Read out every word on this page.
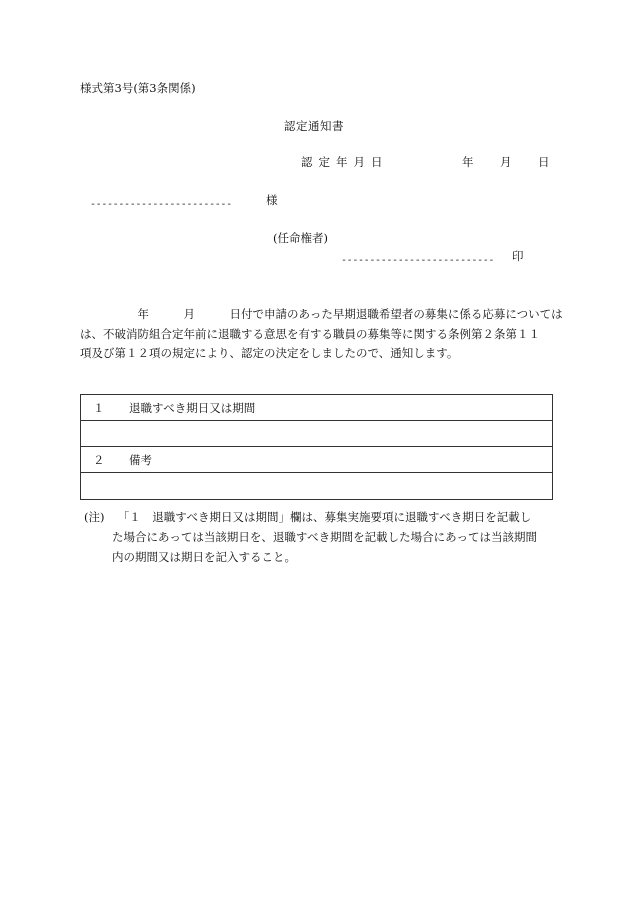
様式第3号(第3条関係)
認定通知書
認 定 年 月 日	年 月 日
-------------------------	様
(任命権者)
--------------------------- 印
　　　　　年　　　月　　　日付で申請のあった早期退職希望者の募集に係る応募については
は、不破消防組合定年前に退職する意思を有する職員の募集等に関する条例第２条第１１
項及び第１２項の規定により、認定の決定をしましたので、通知します。
１	退職すべき期日又は期間
２	備考
(注) 　「１　退職すべき期日又は期間」欄は、募集実施要項に退職すべき期日を記載し
た場合にあっては当該期日を、退職すべき期間を記載した場合にあっては当該期間
内の期間又は期日を記入すること。
